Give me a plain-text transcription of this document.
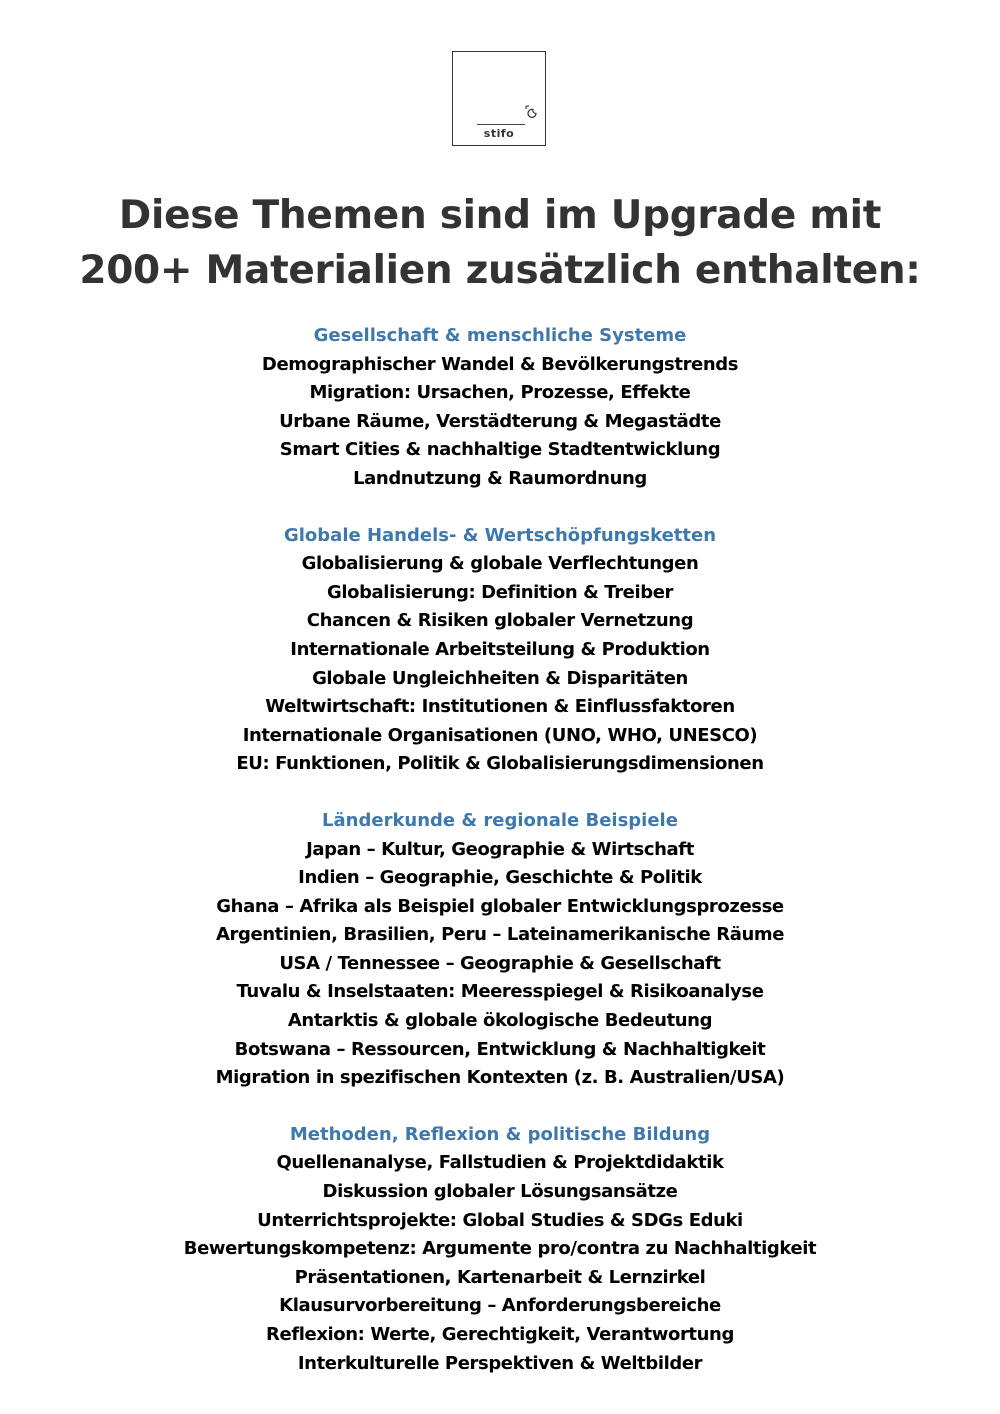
stifo
Diese Themen sind im Upgrade mit
200+ Materialien zusätzlich enthalten:
Gesellschaft & menschliche Systeme
Demographischer Wandel & Bevölkerungstrends
Migration: Ursachen, Prozesse, Effekte
Urbane Räume, Verstädterung & Megastädte
Smart Cities & nachhaltige Stadtentwicklung
Landnutzung & Raumordnung
Globale Handels- & Wertschöpfungsketten
Globalisierung & globale Verflechtungen
Globalisierung: Definition & Treiber
Chancen & Risiken globaler Vernetzung
Internationale Arbeitsteilung & Produktion
Globale Ungleichheiten & Disparitäten
Weltwirtschaft: Institutionen & Einflussfaktoren
Internationale Organisationen (UNO, WHO, UNESCO)
EU: Funktionen, Politik & Globalisierungsdimensionen
Länderkunde & regionale Beispiele
Japan – Kultur, Geographie & Wirtschaft
Indien – Geographie, Geschichte & Politik
Ghana – Afrika als Beispiel globaler Entwicklungsprozesse
Argentinien, Brasilien, Peru – Lateinamerikanische Räume
USA / Tennessee – Geographie & Gesellschaft
Tuvalu & Inselstaaten: Meeresspiegel & Risikoanalyse
Antarktis & globale ökologische Bedeutung
Botswana – Ressourcen, Entwicklung & Nachhaltigkeit
Migration in spezifischen Kontexten (z. B. Australien/USA)
Methoden, Reflexion & politische Bildung
Quellenanalyse, Fallstudien & Projektdidaktik
Diskussion globaler Lösungsansätze
Unterrichtsprojekte: Global Studies & SDGs Eduki
Bewertungskompetenz: Argumente pro/contra zu Nachhaltigkeit
Präsentationen, Kartenarbeit & Lernzirkel
Klausurvorbereitung – Anforderungsbereiche
Reflexion: Werte, Gerechtigkeit, Verantwortung
Interkulturelle Perspektiven & Weltbilder
